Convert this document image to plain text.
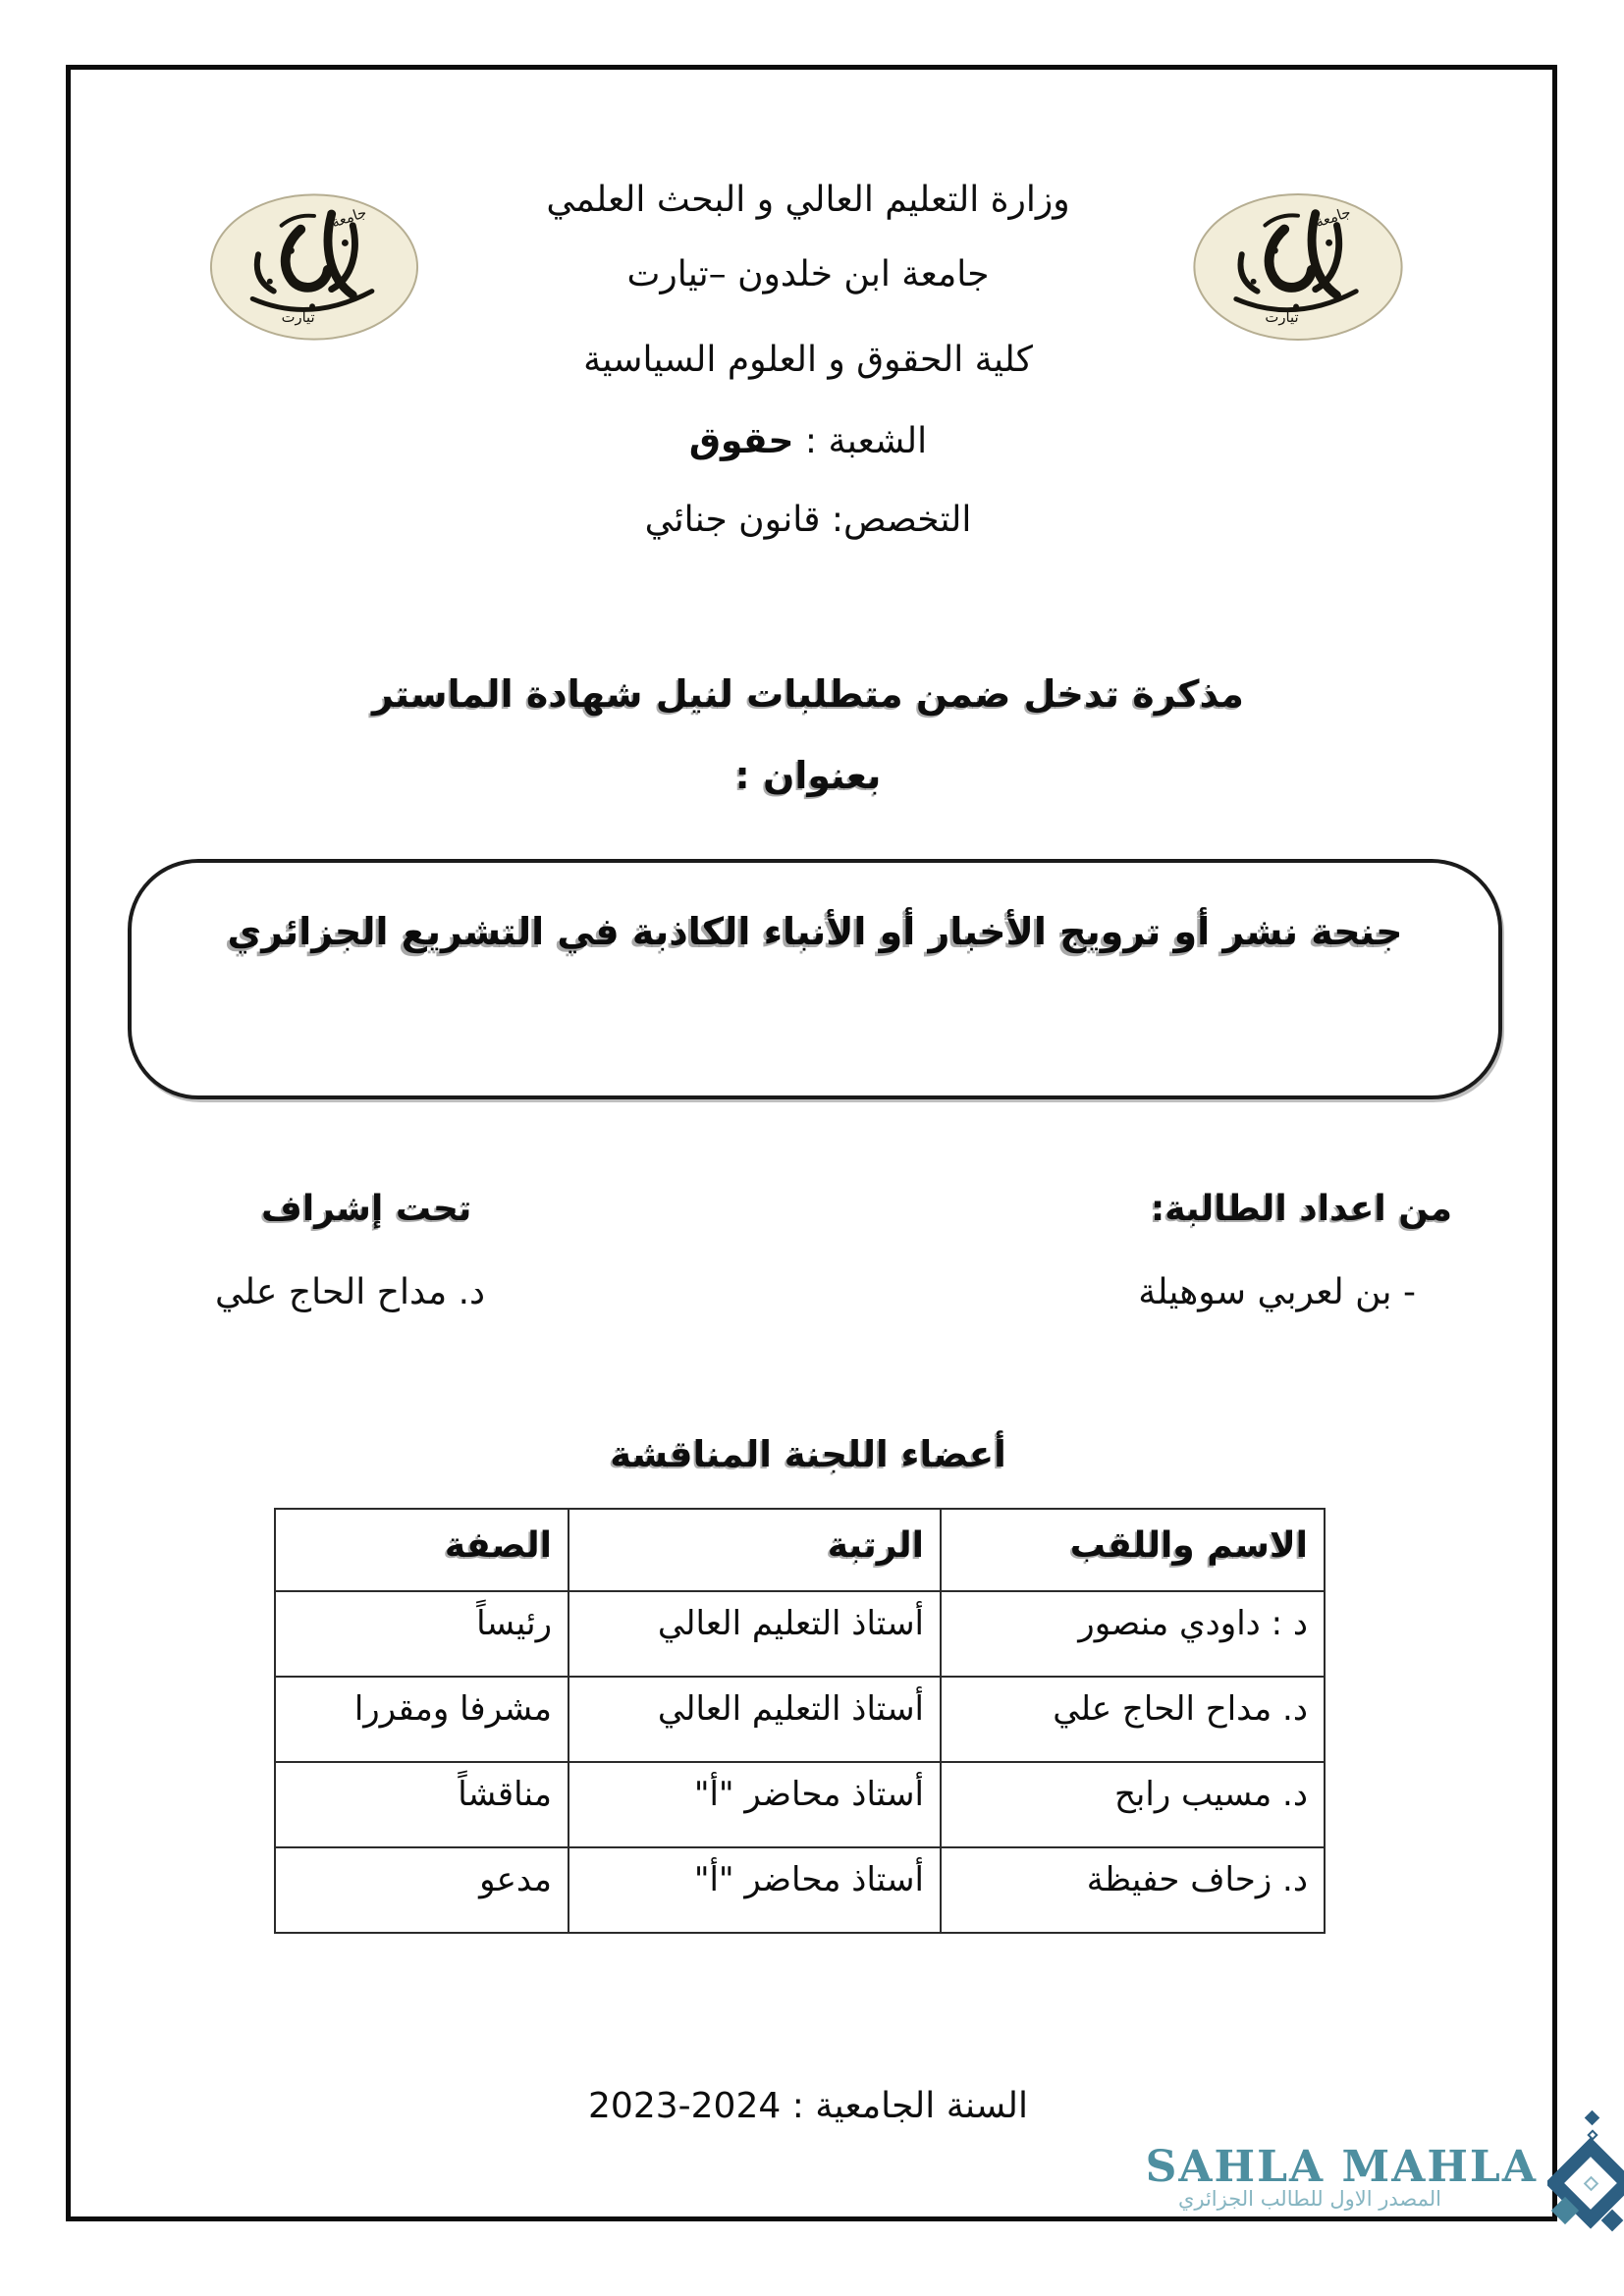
جامعة
تيارت
جامعة
تيارت
وزارة التعليم العالي و البحث العلمي
جامعة ابن خلدون –تيارت
كلية الحقوق و العلوم السياسية
الشعبة : حقوق
التخصص: قانون جنائي
مذكرة تدخل ضمن متطلبات لنيل شهادة الماستر
بعنوان :
جنحة نشر أو ترويج الأخبار أو الأنباء الكاذبة في التشريع الجزائري
من اعداد الطالبة:
- بن لعربي سوهيلة
تحت إشراف
د. مداح الحاج علي
أعضاء اللجنة المناقشة
الاسم واللقب	الرتبة	الصفة
د : داودي منصور	أستاذ التعليم العالي	رئيساً
د. مداح الحاج علي	أستاذ التعليم العالي	مشرفا ومقررا
د. مسيب رابح	أستاذ محاضر "أ"	مناقشاً
د. زحاف حفيظة	أستاذ محاضر "أ"	مدعو
السنة الجامعية : 2024-2023
SAHLA MAHLA
المصدر الاول للطالب الجزائري
